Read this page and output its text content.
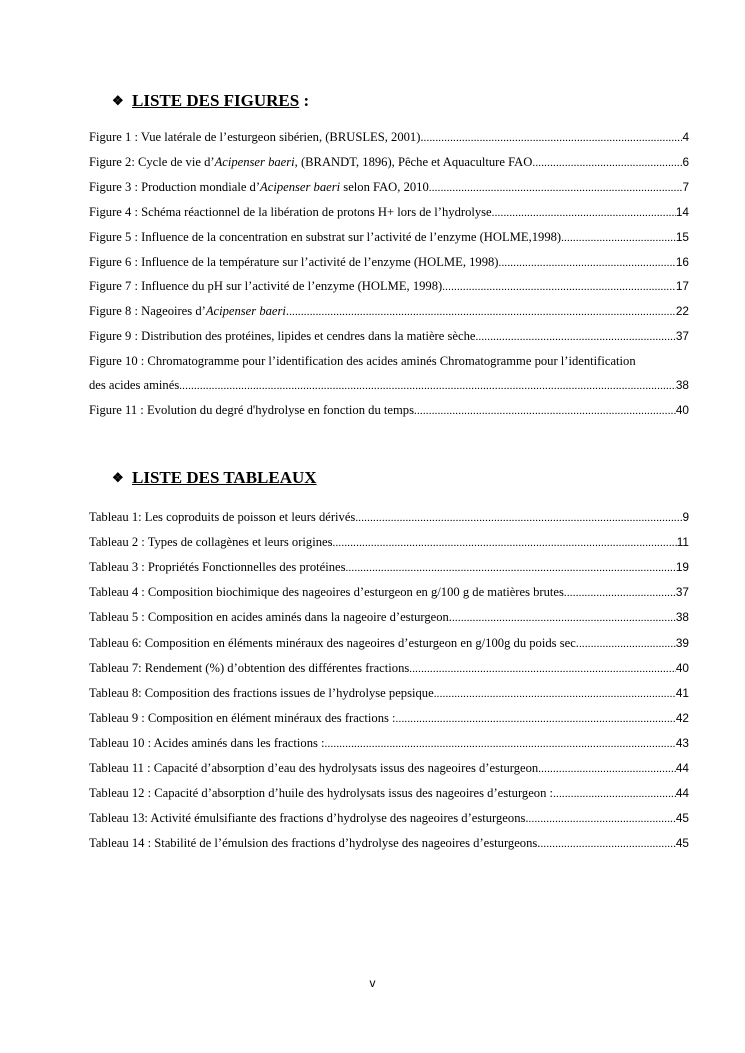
❖ LISTE DES FIGURES :
Figure 1 : Vue latérale de l’esturgeon sibérien, (BRUSLES, 2001). .....	4
Figure 2: Cycle de vie d’Acipenser baeri, (BRANDT, 1896), Pêche et Aquaculture FAO .....	6
Figure 3 : Production mondiale d’Acipenser baeri selon FAO, 2010 .....	7
Figure 4 : Schéma réactionnel de la libération de protons H+ lors de l’hydrolyse .....	14
Figure 5 : Influence de la concentration en substrat sur l’activité de l’enzyme (HOLME,1998) .....	15
Figure 6 : Influence de la température sur l’activité de l’enzyme (HOLME, 1998) .....	16
Figure 7 : Influence du pH sur l’activité de l’enzyme (HOLME, 1998) .....	17
Figure 8 : Nageoires d’Acipenser baeri. .....	22
Figure 9 : Distribution des protéines, lipides et cendres dans la matière sèche .....	37
Figure 10 : Chromatogramme pour l’identification des acides aminés Chromatogramme pour l’identification
des acides aminés .....	38
Figure 11 : Evolution du degré d'hydrolyse en fonction du temps .....	40
❖ LISTE DES TABLEAUX
Tableau 1: Les coproduits de poisson et leurs dérivés .....	9
Tableau 2 : Types de collagènes et leurs origines .....	11
Tableau 3 : Propriétés Fonctionnelles des protéines .....	19
Tableau 4 : Composition biochimique des nageoires d’esturgeon en g/100 g de matières brutes .....	37
Tableau 5 : Composition en acides aminés dans la nageoire d’esturgeon. .....	38
Tableau 6: Composition en éléments minéraux des nageoires d’esturgeon en g/100g du poids sec. .....	39
Tableau 7: Rendement (%) d’obtention des différentes fractions .....	40
Tableau 8: Composition des fractions issues de l’hydrolyse pepsique .....	41
Tableau 9 : Composition en élément minéraux des fractions : .....	42
Tableau 10 : Acides aminés dans les fractions : .....	43
Tableau 11 : Capacité d’absorption d’eau des hydrolysats issus des nageoires d’esturgeon .....	44
Tableau 12 : Capacité d’absorption d’huile des hydrolysats issus des nageoires d’esturgeon : .....	44
Tableau 13: Activité émulsifiante des fractions d’hydrolyse des nageoires d’esturgeons. .....	45
Tableau 14 : Stabilité de l’émulsion des fractions d’hydrolyse des nageoires d’esturgeons. .....	45
v
